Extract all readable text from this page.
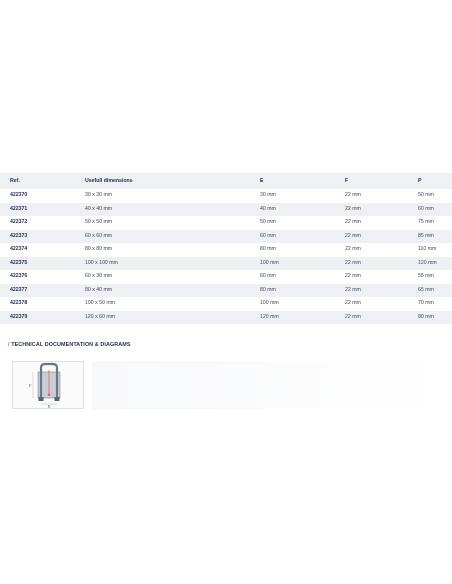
Ref.	Usefull dimensions	E	F	P
422370	30 x 30 mm	30 mm	22 mm	50 mm
422371	40 x 40 mm	40 mm	22 mm	60 mm
422372	50 x 50 mm	50 mm	22 mm	75 mm
422373	60 x 60 mm	60 mm	22 mm	85 mm
422374	80 x 80 mm	80 mm	22 mm	110 mm
422375	100 x 100 mm	100 mm	22 mm	120 mm
422376	60 x 30 mm	60 mm	22 mm	55 mm
422377	80 x 40 mm	80 mm	22 mm	65 mm
422378	100 x 50 mm	100 mm	22 mm	70 mm
422379	120 x 60 mm	120 mm	22 mm	80 mm
/ TECHNICAL DOCUMENTATION & DIAGRAMS
F
E
